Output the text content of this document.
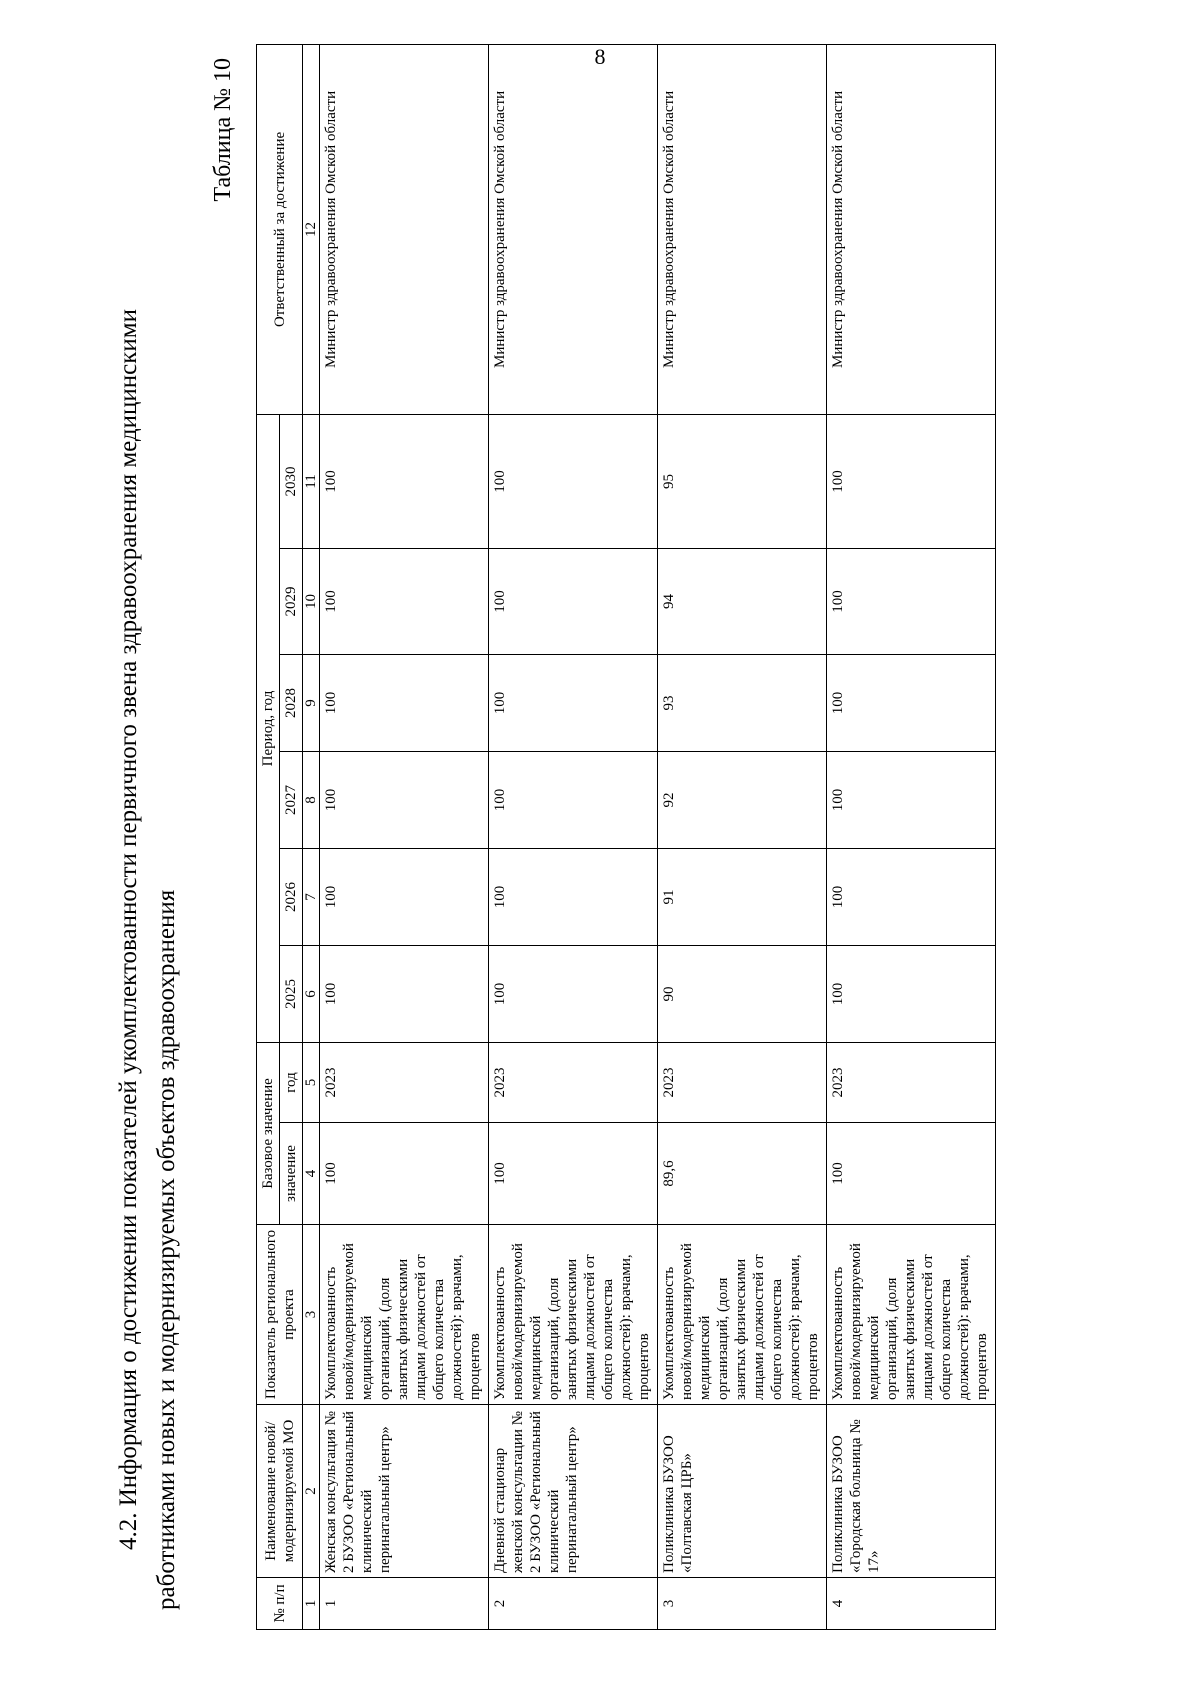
8
4.2. Информация о достижении показателей укомплектованности первичного звена здравоохранения медицинскими работниками новых и модернизируемых объектов здравоохранения
Таблица № 10
№ п/п	Наименование новой/модернизируемой МО	Показатель регионального проекта	Базовое значение		Период, год						Ответственный за достижение
			значение	год	2025	2026	2027	2028	2029	2030	
1	2	3	4	5	6	7	8	9	10	11	12
1	Женская консультация № 2 БУЗОО «Региональный клинический перинатальный центр»	Укомплектованность новой/модернизируемой медицинской организаций, (доля занятых физическими лицами должностей от общего количества должностей): врачами, процентов	100	2023	100	100	100	100	100	100	Министр здравоохранения Омской области
2	Дневной стационар женской консультации № 2 БУЗОО «Региональный клинический перинатальный центр»	Укомплектованность новой/модернизируемой медицинской организаций, (доля занятых физическими лицами должностей от общего количества должностей): врачами, процентов	100	2023	100	100	100	100	100	100	Министр здравоохранения Омской области
3	Поликлиника БУЗОО «Полтавская ЦРБ»	Укомплектованность новой/модернизируемой медицинской организаций, (доля занятых физическими лицами должностей от общего количества должностей): врачами, процентов	89,6	2023	90	91	92	93	94	95	Министр здравоохранения Омской области
4	Поликлиника БУЗОО «Городская больница № 17»	Укомплектованность новой/модернизируемой медицинской организаций, (доля занятых физическими лицами должностей от общего количества должностей): врачами, процентов	100	2023	100	100	100	100	100	100	Министр здравоохранения Омской области
